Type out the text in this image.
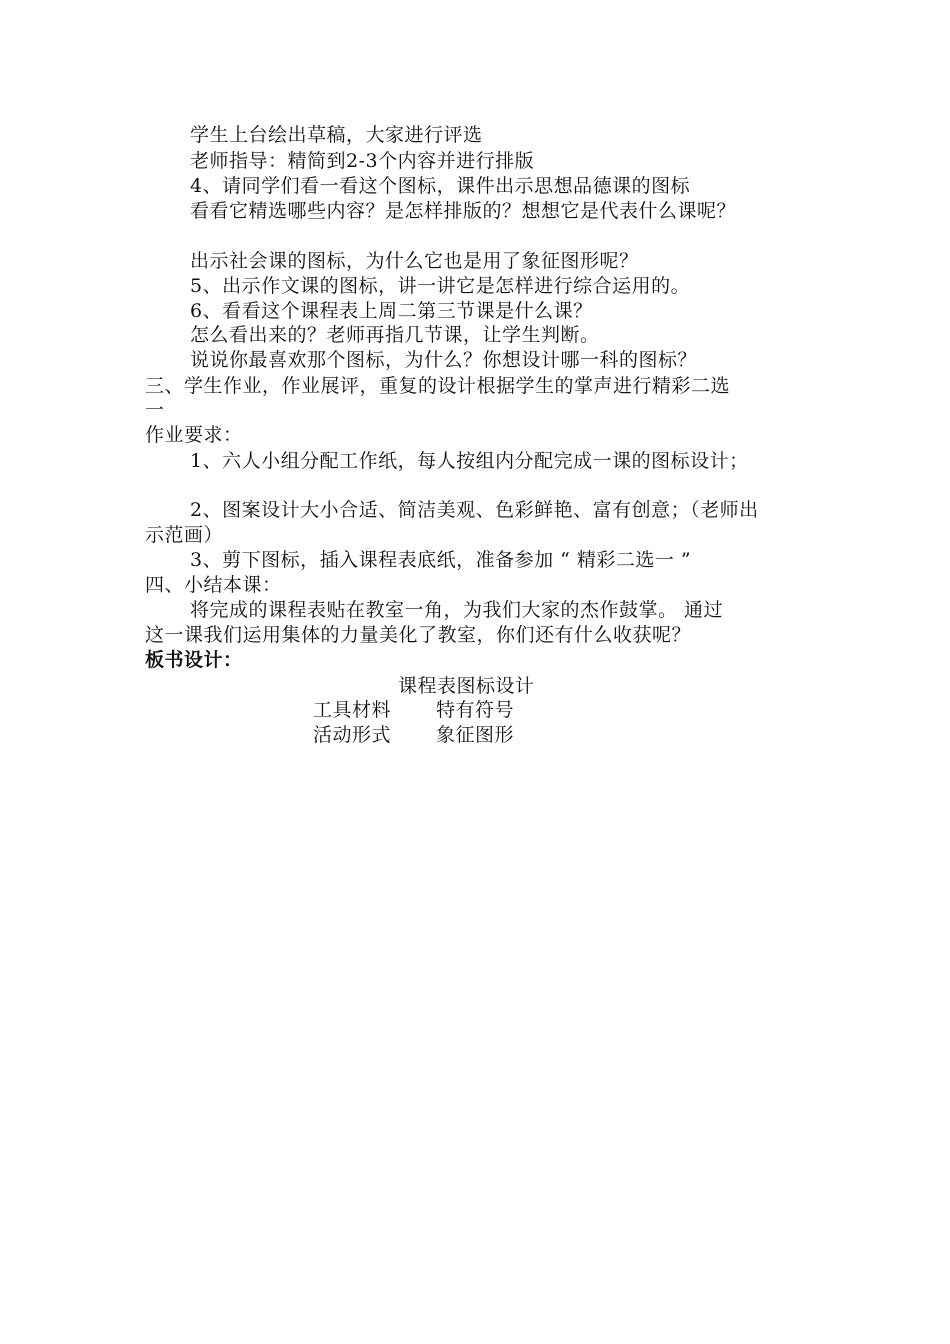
学生上台绘出草稿，大家进行评选
老师指导：精简到2-3个内容并进行排版
4、请同学们看一看这个图标，课件出示思想品德课的图标
看看它精选哪些内容？是怎样排版的？想想它是代表什么课呢？
出示社会课的图标，为什么它也是用了象征图形呢？
5、出示作文课的图标，讲一讲它是怎样进行综合运用的。
6、看看这个课程表上周二第三节课是什么课？
怎么看出来的？老师再指几节课，让学生判断。
说说你最喜欢那个图标，为什么？你想设计哪一科的图标？
三、学生作业，作业展评，重复的设计根据学生的掌声进行精彩二选
一
作业要求：
1、六人小组分配工作纸，每人按组内分配完成一课的图标设计；
2、图案设计大小合适、简洁美观、色彩鲜艳、富有创意；（老师出
示范画）
3、剪下图标，插入课程表底纸，准备参加 “ 精彩二选一 ”
四、小结本课：
将完成的课程表贴在教室一角，为我们大家的杰作鼓掌。 通过
这一课我们运用集体的力量美化了教室，你们还有什么收获呢？
板书设计：
课程表图标设计
工具材料 特有符号
活动形式 象征图形
